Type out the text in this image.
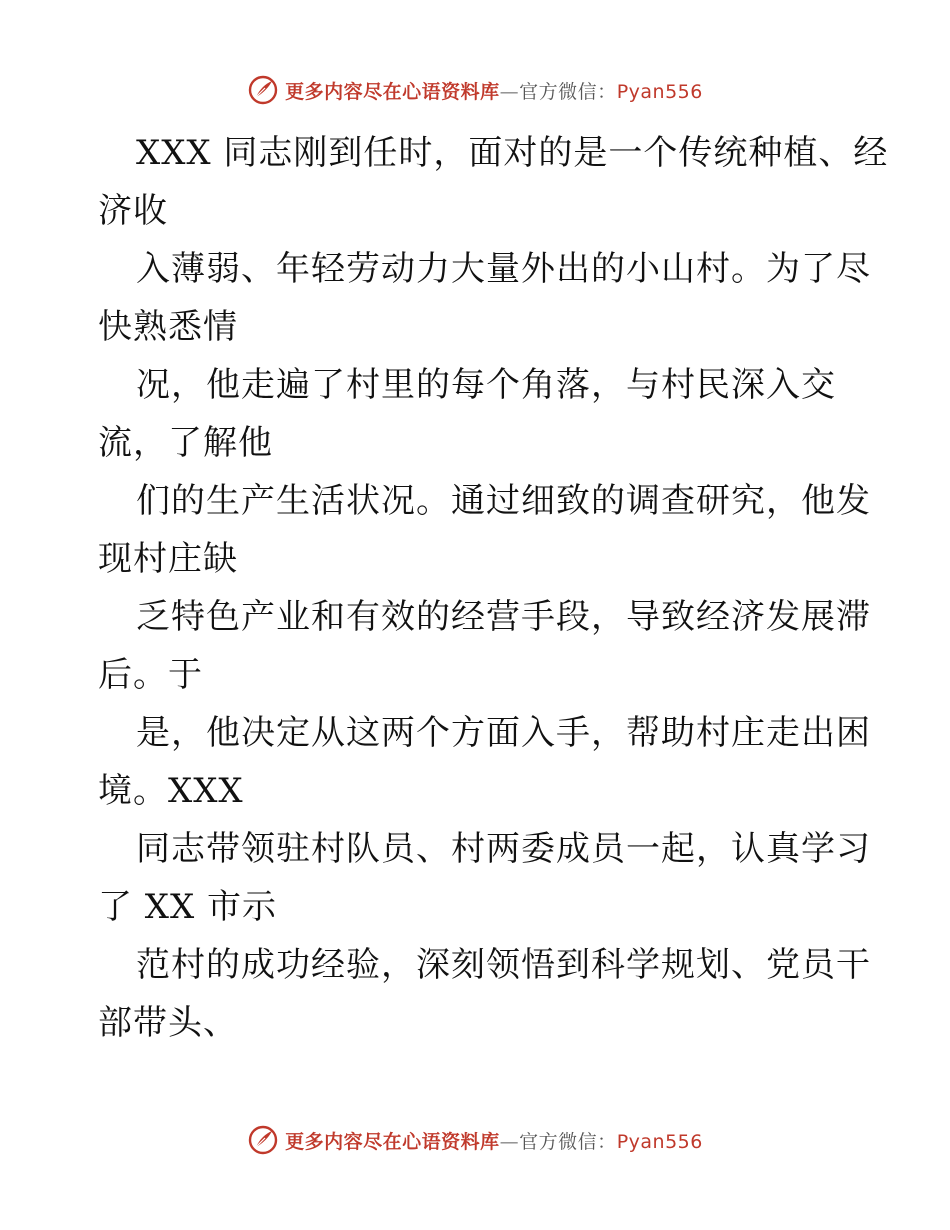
更多内容尽在心语资料库—官方微信：Pyan556
XXX 同志刚到任时，面对的是一个传统种植、经
济收
入薄弱、年轻劳动力大量外出的小山村。为了尽
快熟悉情
况，他走遍了村里的每个角落，与村民深入交
流，了解他
们的生产生活状况。通过细致的调查研究，他发
现村庄缺
乏特色产业和有效的经营手段，导致经济发展滞
后。于
是，他决定从这两个方面入手，帮助村庄走出困
境。XXX
同志带领驻村队员、村两委成员一起，认真学习
了 XX 市示
范村的成功经验，深刻领悟到科学规划、党员干
部带头、
更多内容尽在心语资料库—官方微信：Pyan556
